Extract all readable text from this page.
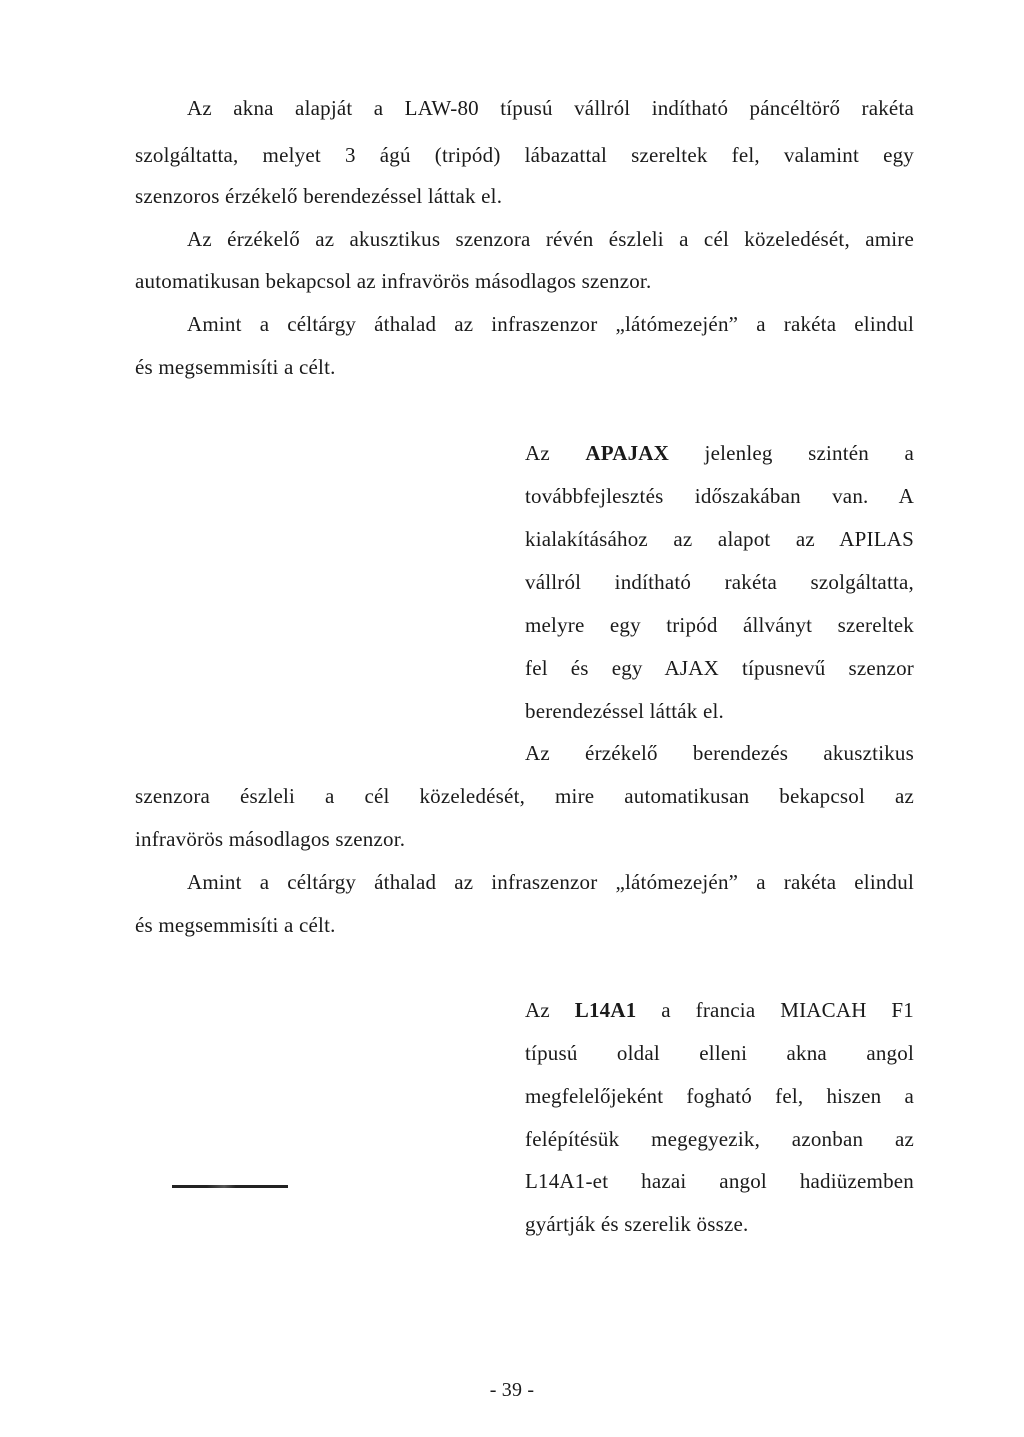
Az akna alapját a LAW-80 típusú vállról indítható páncéltörő rakéta
szolgáltatta, melyet 3 ágú (tripód) lábazattal szereltek fel, valamint egy
szenzoros érzékelő berendezéssel láttak el.
Az érzékelő az akusztikus szenzora révén észleli a cél közeledését, amire
automatikusan bekapcsol az infravörös másodlagos szenzor.
Amint a céltárgy áthalad az infraszenzor „látómezején” a rakéta elindul
és megsemmisíti a célt.
Az APAJAX jelenleg szintén a
továbbfejlesztés időszakában van. A
kialakításához az alapot az APILAS
vállról indítható rakéta szolgáltatta,
melyre egy tripód állványt szereltek
fel és egy AJAX típusnevű szenzor
berendezéssel látták el.
Az érzékelő berendezés akusztikus
szenzora észleli a cél közeledését, mire automatikusan bekapcsol az
infravörös másodlagos szenzor.
Amint a céltárgy áthalad az infraszenzor „látómezején” a rakéta elindul
és megsemmisíti a célt.
Az L14A1 a francia MIACAH F1
típusú oldal elleni akna angol
megfelelőjeként fogható fel, hiszen a
felépítésük megegyezik, azonban az
L14A1-et hazai angol hadiüzemben
gyártják és szerelik össze.
- 39 -
